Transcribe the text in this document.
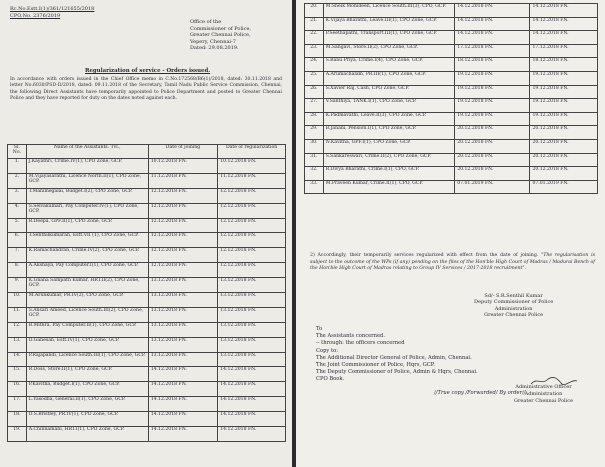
Rc.No.Estt.I(1)/361/121655/2018
CPO.No. 2376/2019
Office of the
Commissioner of Police,
Greater Chennai Police,
Vepery, Chennai-7
Dated: 29.08.2019.
Regularization of service - Orders issued.
In accordance with orders issued in the Chief Office memo in C.No.172568/B6(1)/2018, dated: 30.11.2018 and letter No.6030/PSD-D/2018, dated: 09.11.2018 of the Secretary, Tamil Nadu Public Service Commission, Chennai, the following Direct Assistants have temporarily appointed to Police Department and posted to Greater Chennai Police and they have reported for duty on the dates noted against each.
Sl. No.	Name of the Assistants. Tvl.,	Date of joining	Date of regularization
1.	J.Kayathri, Crime.IV(1), CPO Zone, GCP.	10.12.2018 FN.	10.12.2018 FN.
2.	M.Vijayasarathi, Licence North.II(1), CPO Zone, GCP.	11.12.2018 FN.	11.12.2018 FN.
3.	T.Manimegalai, Budget.I(2), CPO Zone, GCP.	12.12.2018 FN.	12.12.2018 FN.
4.	S.Selvakumari, Pay Computer.IV(1), CPO Zone, GCP.	12.12.2018 FN.	12.12.2018 FN.
5.	R.Deepa, GPF.II(1), CPO Zone, GCP.	12.12.2018 FN.	12.12.2018 FN.
6.	T.Senthilkumaran, Estt.VII (1), CPO Zone, GCP.	12.12.2018 FN.	12.12.2018 FN.
7.	K.Ramachandran, Crime.IV(2), CPO Zone, GCP.	12.12.2018 FN.	12.12.2018 FN.
8.	A.Akshaya, Pay Computer.I(1), CPO Zone, GCP.	12.12.2018 FN.	12.12.2018 FN.
9.	K.Gnana Sampath Kumar, HRT.II(2), CPO Zone, GCP.	13.12.2018 FN.	13.12.2018 FN.
10.	M.Arunkumar, PR.IV(2), CPO Zone, GCP.	13.12.2018 FN.	13.12.2018 FN.
11.	S.Ansari Ameed, Licence South.III(2), CPO Zone, GCP.	13.12.2018 FN.	13.12.2018 FN.
12.	B.Mithra, Pay Computer.II(1), CPO Zone, GCP.	13.12.2018 FN.	13.12.2018 FN.
13.	D.Ganesan, Estt.IV(1), CPO Zone, GCP.	13.12.2018 FN.	13.12.2018 FN.
14.	P.Rajapandi, Licence South.III(1), CPO Zone, GCP.	13.12.2018 FN.	13.12.2018 FN.
15.	R.Doss, Store.II(1), CPO Zone, GCP.	14.12.2018 FN.	14.12.2018 FN.
16.	P.Kavitha, Budget.I(1), CPO Zone, GCP.	14.12.2018 FN.	14.12.2018 FN.
17.	L.Yasodha, General.II(1), CPO Zone, GCP.	14.12.2018 FN.	14.12.2018 FN.
18.	D.S.Bristley, PR.IV(1), CPO Zone, GCP.	14.12.2018 FN.	14.12.2018 FN.
19.	A.Chinnamani, HRT.I(1), CPO Zone, GCP.	14.12.2018 FN.	14.12.2018 FN.
20.	M.Sheik Mohideen, Licence South.III(3), CPO, GCP.	14.12.2018 FN.	14.12.2018 FN.
21.	K.Vijaya Bharathi, Leave.III(1), CPO Zone, GCP.	14.12.2018 FN.	14.12.2018 FN.
22.	P.Seethapathi, Transport.III(1), CPO Zone, GCP.	14.12.2018 FN.	14.12.2018 FN.
23.	M.Sangavi, Store.II(2), CPO Zone, GCP.	17.12.2018 FN.	17.12.2018 FN.
24.	S.Banu Priya, Crime.I(4), CPO Zone, GCP.	18.12.2018 FN.	18.12.2018 FN.
25.	A.Arumachalam, PR.III(1), CPO Zone, GCP.	19.12.2018 FN.	19.12.2018 FN.
26.	S.Xavier Raj, Cash, CPO Zone, GCP.	19.12.2018 FN.	19.12.2018 FN.
27.	V.Santhiya, TANK.I(1), CPO Zone, GCP.	19.12.2018 FN.	19.12.2018 FN.
28.	K.Padmavathi, Leave.II(3), CPO Zone, GCP.	19.12.2018 FN.	19.12.2018 FN.
29.	B.Janani, Pension.I(1), CPO Zone, GCP.	20.12.2018 FN.	20.12.2018 FN.
30.	N.Kavitha, GPF.I(1), CPO Zone, GCP.	20.12.2018 FN.	20.12.2018 FN.
31.	S.Sankareswari, Crime.II(2), CPO Zone, GCP.	20.12.2018 FN.	20.12.2018 FN.
32.	R.Divya Bharathi, Crime.I(1), CPO, GCP.	20.12.2018 FN.	20.12.2018 FN.
33.	M.Praveen Kumar, Crime.II(1), CPO, GCP.	07.01.2019 FN.	07.01.2019 FN.
2) Accordingly, their temporarily services regularized with effect from the date of joining. "The regularisation is subject to the outcome of the WPs (if any) pending on the files of the Hon'ble High Court of Madras / Madurai Bench of the Hon'ble High Court of Madras relating to Group IV Services / 2017-2018 recruitment".
Sd/- S.R.Senthil Kumar
Deputy Commissioner of Police
Administration
Greater Chennai Police
To
The Assistants concerned.
-- through: the officers concerned
Copy to:
The Additional Director General of Police, Admin, Chennai.
The Joint Commissioner of Police, Hqrs, GCP.
The Deputy Commissioner of Police, Admin & Hqrs, Chennai.
CPO Book.
//True copy /Forwarded/ By order//
Administrative Officer
Administration
Greater Chennai Police
